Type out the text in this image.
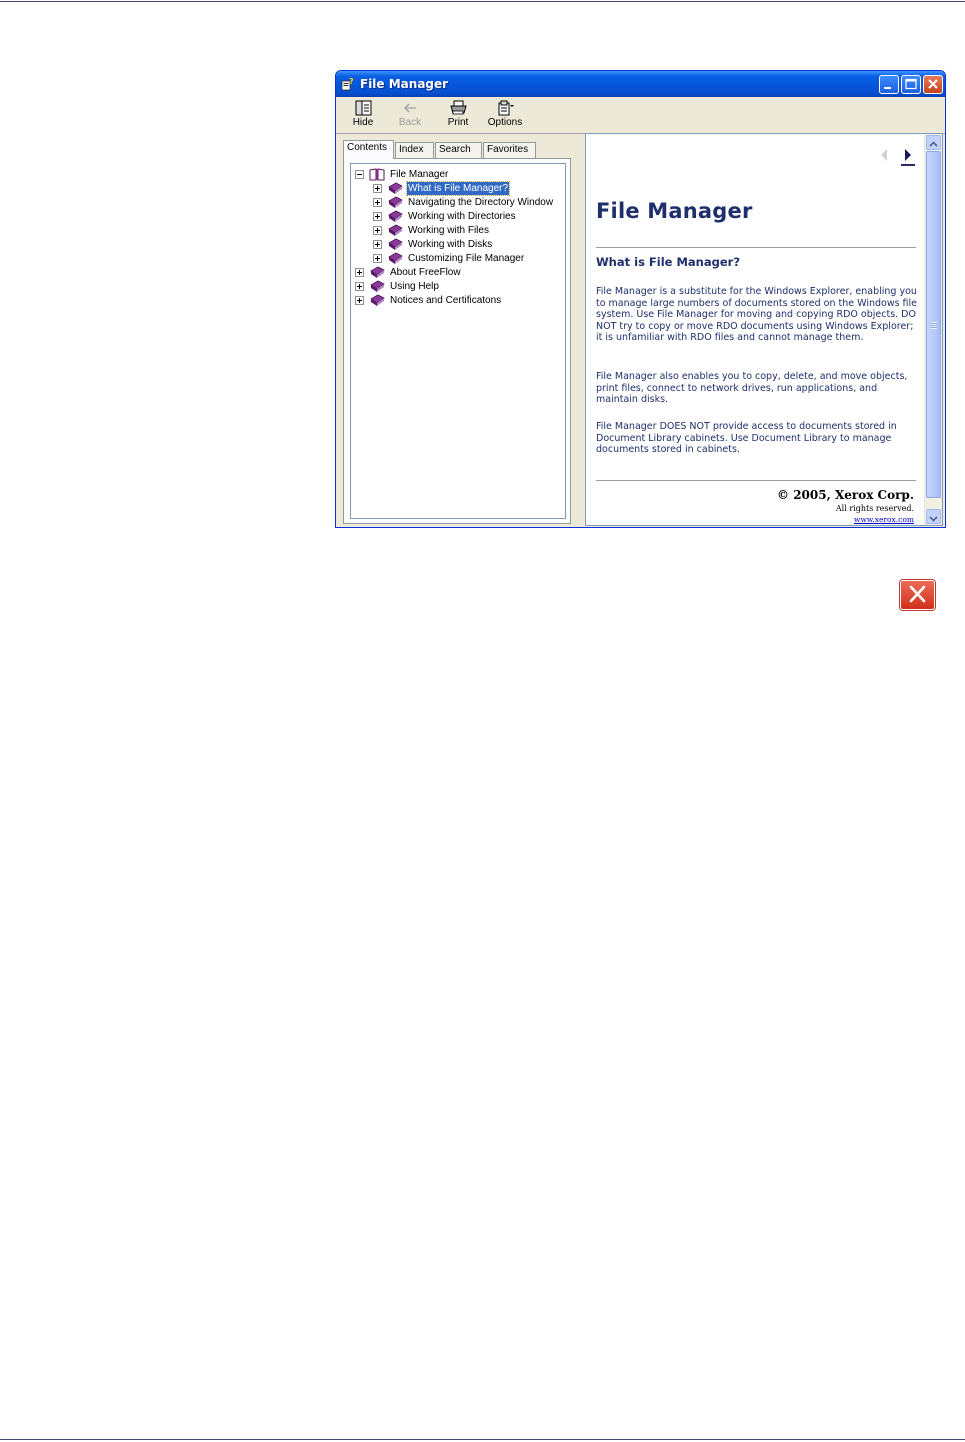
? File Manager
Hide	Back	Print	Options
Contents	Index	Search	Favorites
File Manager
What is File Manager?
Navigating the Directory Window
Working with Directories
Working with Files
Working with Disks
Customizing File Manager
About FreeFlow
Using Help
Notices and Certificatons
File Manager
What is File Manager?
File Manager is a substitute for the Windows Explorer, enabling you to manage large numbers of documents stored on the Windows file system. Use File Manager for moving and copying RDO objects. DO NOT try to copy or move RDO documents using Windows Explorer; it is unfamiliar with RDO files and cannot manage them.
File Manager also enables you to copy, delete, and move objects, print files, connect to network drives, run applications, and maintain disks.
File Manager DOES NOT provide access to documents stored in Document Library cabinets. Use Document Library to manage documents stored in cabinets.
© 2005, Xerox Corp.
All rights reserved.
www.xerox.com
